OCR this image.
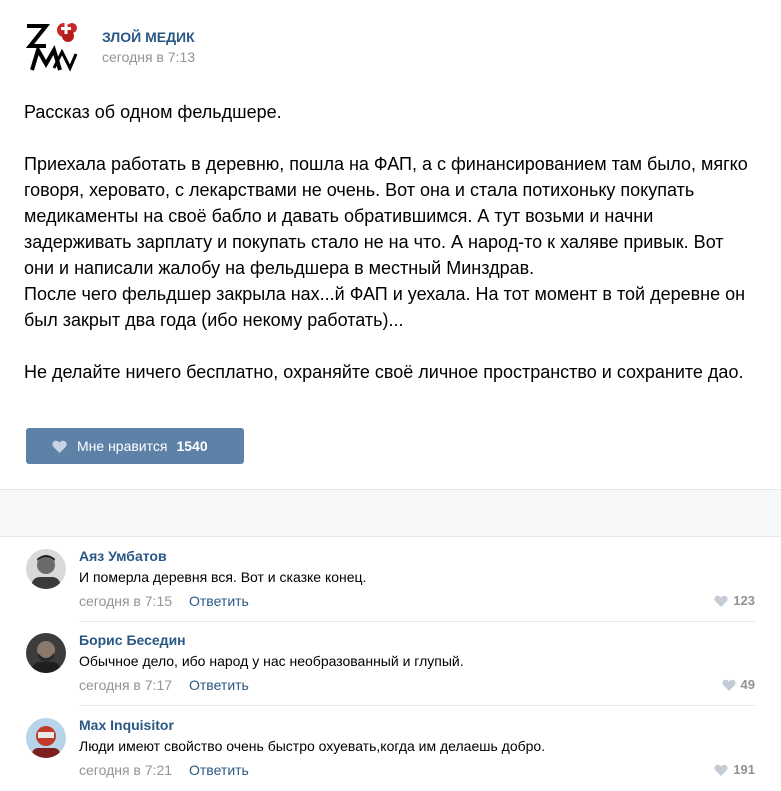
ЗЛОЙ МЕДИК
сегодня в 7:13

Рассказ об одном фельдшере.

Приехала работать в деревню, пошла на ФАП, а с финансированием там было, мягко

говоря, херовато, с лекарствами не очень. Вот она и стала потихоньку покупать

медикаменты на своё бабло и давать обратившимся. А тут возьми и начни

задерживать зарплату и покупать стало не на что. А народ-то к халяве привык. Вот

они и написали жалобу на фельдшера в местный Минздрав.

После чего фельдшер закрыла нах...й ФАП и уехала. На тот момент в той деревне он

был закрыт два года (ибо некому работать)...

Не делайте ничего бесплатно, охраняйте своё личное пространство и сохраните дао.

Мне нравится 1540
Аяз Умбатов
И померла деревня вся. Вот и сказке конец.
сегодня в 7:15 Ответить	123
Борис Беседин
Обычное дело, ибо народ у нас необразованный и глупый.
сегодня в 7:17 Ответить	49
Max Inquisitor
Люди имеют свойство очень быстро охуевать,когда им делаешь добро.
сегодня в 7:21 Ответить	191
